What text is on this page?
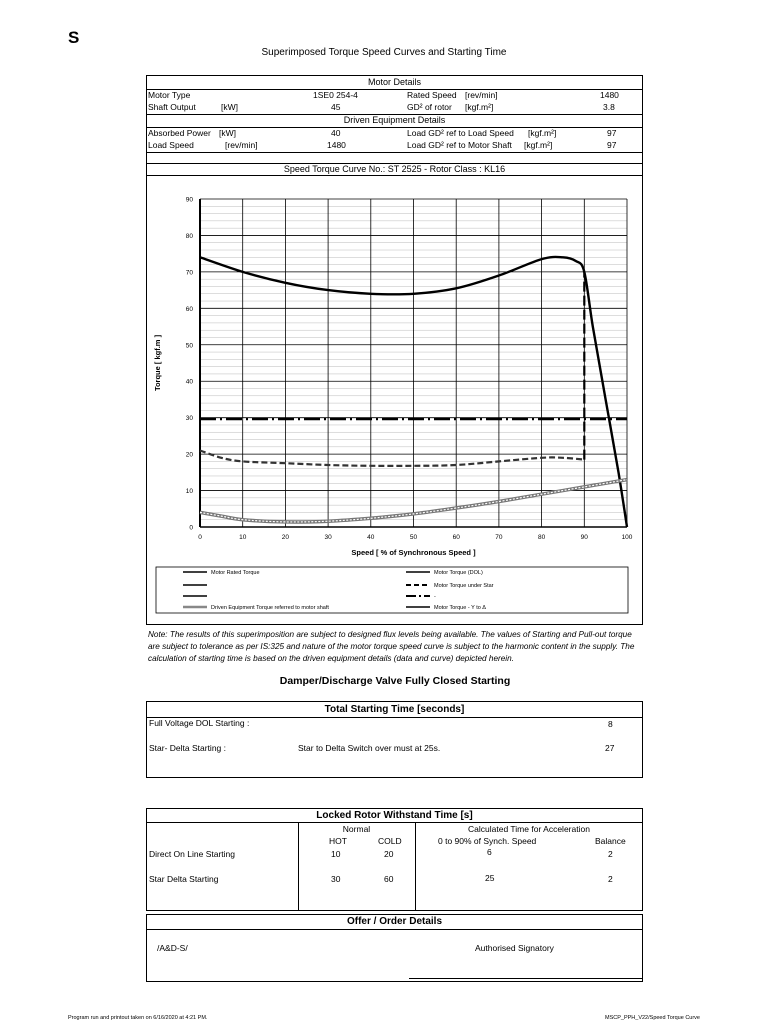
S
Superimposed Torque Speed Curves and Starting Time
Motor Details
Motor Type	1SE0 254-4	Rated Speed [rev/min]	1480
Shaft Output	[kW]	45	GD² of rotor [kgf.m²]	3.8
Driven Equipment Details
Absorbed Power [kW]	40	Load GD² ref to Load Speed [kgf.m²]	97
Load Speed	[rev/min]	1480	Load GD² ref to Motor Shaft [kgf.m²]	97
Speed Torque Curve No.: ST 2525 - Rotor Class : KL16
0
10
20
30
40
50
60
70
80
90
0	10	20	30	40	50	60	70	80	90	100
Speed [ % of Synchronous Speed ]
Torque [ kgf.m ]
Motor Rated Torque	Motor Torque (DOL)
Motor Torque under Star
-
Driven Equipment Torque referred to motor shaft	Motor Torque - Y to Δ
Note: The results of this superimposition are subject to designed flux levels being available. The values of Starting and Pull-out torque are subject to tolerance as per IS:325 and nature of the motor torque speed curve is subject to the harmonic content in the supply. The calculation of starting time is based on the driven equipment details (data and curve) depicted herein.
Damper/Discharge Valve Fully Closed Starting
Total Starting Time [seconds]
Full Voltage DOL Starting :	8
Star- Delta Starting :	Star to Delta Switch over must at 25s.	27
Locked Rotor Withstand Time [s]
Normal	Calculated Time for Acceleration
HOT	COLD	0 to 90% of Synch. Speed	Balance
Direct On Line Starting	10	20	6	2
Star Delta Starting	30	60	25	2
Offer / Order Details
/A&D-S/	Authorised Signatory
Program run and printout taken on 6/16/2020 at 4:21 PM.	MSCP_PPH_V22/Speed Torque Curve
